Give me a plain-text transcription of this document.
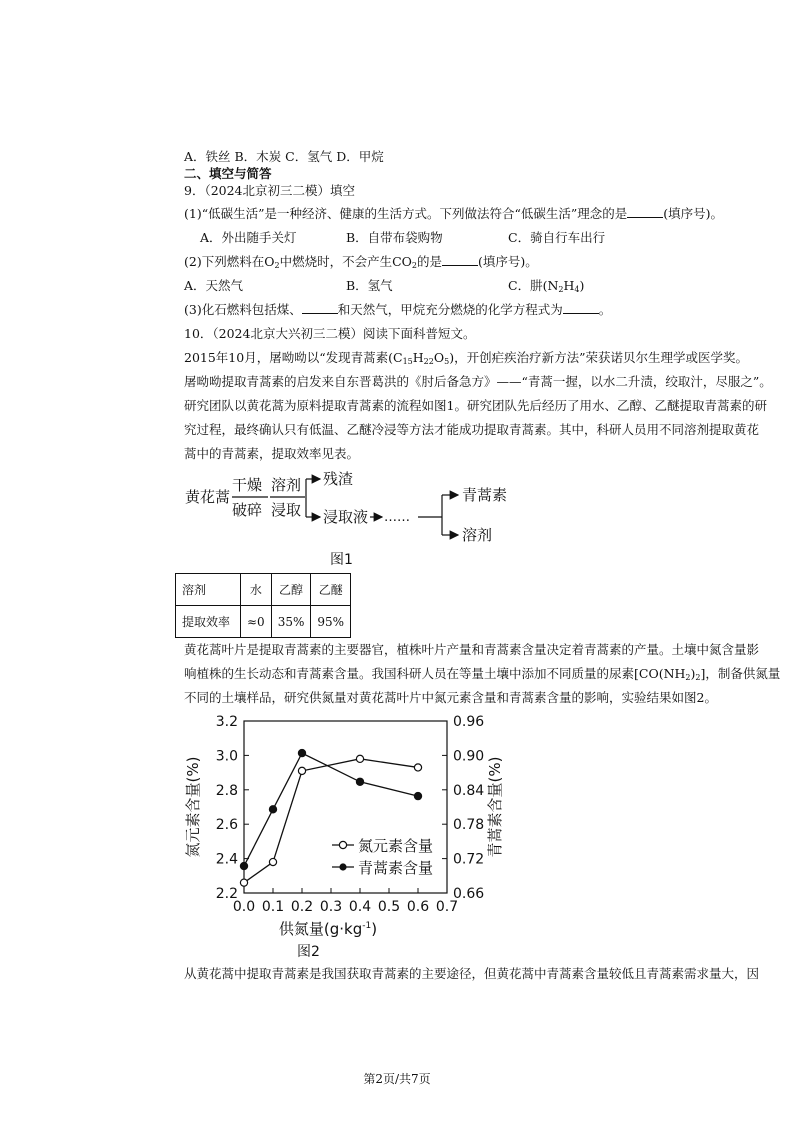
A．铁丝 B．木炭 C．氢气 D．甲烷
二、填空与简答
9．（2024北京初三二模）填空
(1)“低碳生活”是一种经济、健康的生活方式。下列做法符合“低碳生活”理念的是	(填序号)。
A．外出随手关灯	B．自带布袋购物	C．骑自行车出行
(2)下列燃料在$O_2$中燃烧时，不会产生$CO_2$的是	(填序号)。
A．天然气	B．氢气	C．肼$(N_2H_4)$
(3)化石燃料包括煤、	和天然气，甲烷充分燃烧的化学方程式为	。
10．（2024北京大兴初三二模）阅读下面科普短文。
2015年10月，屠呦呦以“发现青蒿素$(C_{15}H_{22}O_5)$，开创疟疾治疗新方法”荣获诺贝尔生理学或医学奖。
屠呦呦提取青蒿素的启发来自东晋葛洪的《肘后备急方》——“青蒿一握，以水二升渍，绞取汁，尽服之”。
研究团队以黄花蒿为原料提取青蒿素的流程如图1。研究团队先后经历了用水、乙醇、乙醚提取青蒿素的研
究过程，最终确认只有低温、乙醚冷浸等方法才能成功提取青蒿素。其中，科研人员用不同溶剂提取黄花
蒿中的青蒿素，提取效率见表。
黄花蒿
干燥
破碎
溶剂
浸取
残渣
浸取液 ……
青蒿素
溶剂
图1
溶剂	水	乙醇	乙醚
提取效率	≈0	35%	95%
黄花蒿叶片是提取青蒿素的主要器官，植株叶片产量和青蒿素含量决定着青蒿素的产量。土壤中氮含量影
响植株的生长动态和青蒿素含量。我国科研人员在等量土壤中添加不同质量的尿素$[CO(NH_2)_2]$，制备供氮量
不同的土壤样品，研究供氮量对黄花蒿叶片中氮元素含量和青蒿素含量的影响，实验结果如图2。
0.0 0.1 0.2 0.3 0.4 0.5 0.6 0.7
2.2
2.4
2.6
2.8
3.0
3.2
0.66
0.72
0.78
0.84
0.90
0.96
氮元素含量(%)	青蒿素含量(%)
供氮量$(g\cdot kg^{-1})$
氮元素含量
青蒿素含量
图2
从黄花蒿中提取青蒿素是我国获取青蒿素的主要途径，但黄花蒿中青蒿素含量较低且青蒿素需求量大，因
第2页/共7页
